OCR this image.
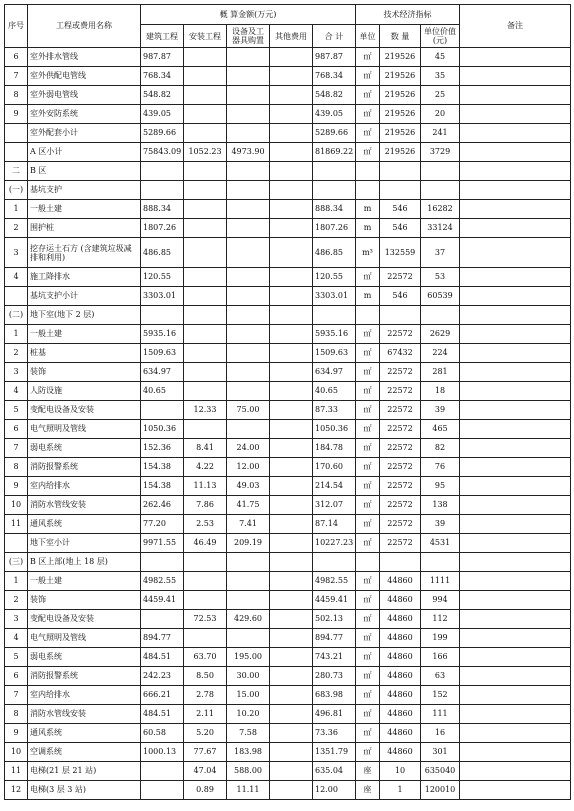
序号	工程或费用名称	概 算金额(万元)					技术经济指标			备注
		建筑工程	安装工程	设备及工器具购置	其他费用	合 计	单位	数 量	单位价值(元)	
6	室外排水管线	987.87				987.87	㎡	219526	45	
7	室外供配电管线	768.34				768.34	㎡	219526	35	
8	室外弱电管线	548.82				548.82	㎡	219526	25	
9	室外安防系统	439.05				439.05	㎡	219526	20	
	室外配套小计	5289.66				5289.66	㎡	219526	241	
	A 区小计	75843.09	1052.23	4973.90		81869.22	㎡	219526	3729	
二	B 区									
(一)	基坑支护									
1	一般土建	888.34				888.34	m	546	16282	
2	围护桩	1807.26				1807.26	m	546	33124	
3	挖存运土石方 (含建筑垃圾减排和利用)	486.85				486.85	m³	132559	37	
4	施工降排水	120.55				120.55	㎡	22572	53	
	基坑支护小计	3303.01				3303.01	m	546	60539	
(二)	地下室(地下 2 层)									
1	一般土建	5935.16				5935.16	㎡	22572	2629	
2	桩基	1509.63				1509.63	㎡	67432	224	
3	装饰	634.97				634.97	㎡	22572	281	
4	人防设施	40.65				40.65	㎡	22572	18	
5	变配电设备及安装		12.33	75.00		87.33	㎡	22572	39	
6	电气照明及管线	1050.36				1050.36	㎡	22572	465	
7	弱电系统	152.36	8.41	24.00		184.78	㎡	22572	82	
8	消防报警系统	154.38	4.22	12.00		170.60	㎡	22572	76	
9	室内给排水	154.38	11.13	49.03		214.54	㎡	22572	95	
10	消防水管线安装	262.46	7.86	41.75		312.07	㎡	22572	138	
11	通风系统	77.20	2.53	7.41		87.14	㎡	22572	39	
	地下室小计	9971.55	46.49	209.19		10227.23	㎡	22572	4531	
(三)	B 区上部(地上 18 层)									
1	一般土建	4982.55				4982.55	㎡	44860	1111	
2	装饰	4459.41				4459.41	㎡	44860	994	
3	变配电设备及安装		72.53	429.60		502.13	㎡	44860	112	
4	电气照明及管线	894.77				894.77	㎡	44860	199	
5	弱电系统	484.51	63.70	195.00		743.21	㎡	44860	166	
6	消防报警系统	242.23	8.50	30.00		280.73	㎡	44860	63	
7	室内给排水	666.21	2.78	15.00		683.98	㎡	44860	152	
8	消防水管线安装	484.51	2.11	10.20		496.81	㎡	44860	111	
9	通风系统	60.58	5.20	7.58		73.36	㎡	44860	16	
10	空调系统	1000.13	77.67	183.98		1351.79	㎡	44860	301	
11	电梯(21 层 21 站)		47.04	588.00		635.04	座	10	635040	
12	电梯(3 层 3 站)		0.89	11.11		12.00	座	1	120010	
